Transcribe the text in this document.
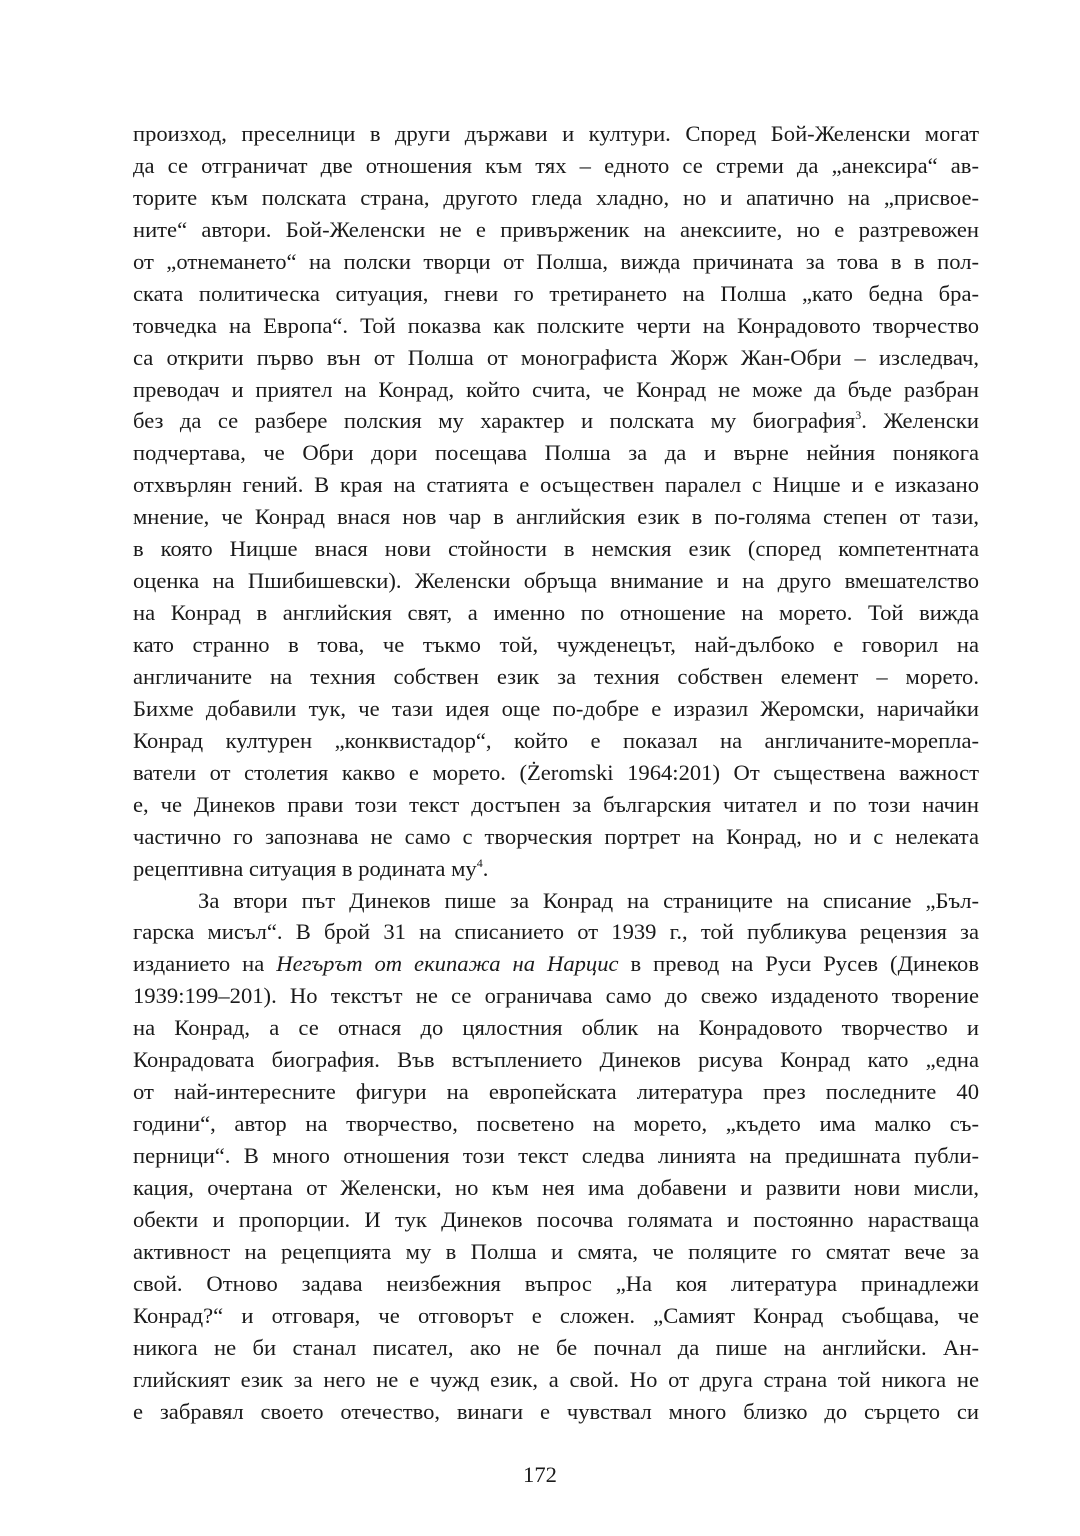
произход, преселници в други държави и култури. Според Бой-Желенски могат
да се отграничат две отношения към тях – едното се стреми да „анексира“ ав-
торите към полската страна, другото гледа хладно, но и апатично на „присвое-
ните“ автори. Бой-Желенски не е привърженик на анексиите, но е разтревожен
от „отнемането“ на полски творци от Полша, вижда причината за това в в пол-
ската политическа ситуация, гневи го третирането на Полша „като бедна бра-
товчедка на Европа“. Той показва как полските черти на Конрадовото творчество
са открити първо вън от Полша от монографиста Жорж Жан-Обри – изследвач,
преводач и приятел на Конрад, който счита, че Конрад не може да бъде разбран
без да се разбере полския му характер и полската му биография$^3$. Желенски
подчертава, че Обри дори посещава Полша за да и върне нейния понякога
отхвърлян гений. В края на статията е осъществен паралел с Ницше и е изказано
мнение, че Конрад внася нов чар в английския език в по-голяма степен от тази,
в която Ницше внася нови стойности в немския език (според компетентната
оценка на Пшибишевски). Желенски обръща внимание и на друго вмешателство
на Конрад в английския свят, а именно по отношение на морето. Той вижда
като странно в това, че тъкмо той, чужденецът, най-дълбоко е говорил на
англичаните на техния собствен език за техния собствен елемент – морето.
Бихме добавили тук, че тази идея още по-добре е изразил Жеромски, наричайки
Конрад културен „конквистадор“, който е показал на англичаните-морепла-
ватели от столетия какво е морето. (Żeromski 1964:201) От съществена важност
е, че Динеков прави този текст достъпен за българския читател и по този начин
частично го запознава не само с творческия портрет на Конрад, но и с нелеката
рецептивна ситуация в родината $му^4$.
За втори път Динеков пише за Конрад на страниците на списание „Бъл-
гарска мисъл“. В брой 31 на списанието от 1939 г., той публикува рецензия за
изданието на Негърът от екипажа на Нарцис в превод на Руси Русев (Динеков
1939:199–201). Но текстът не се ограничава само до свежо издаденото творение
на Конрад, а се отнася до цялостния облик на Конрадовото творчество и
Конрадовата биография. Във встъплението Динеков рисува Конрад като „една
от най-интересните фигури на европейската литература през последните 40
години“, автор на творчество, посветено на морето, „където има малко съ-
перници“. В много отношения този текст следва линията на предишната публи-
кация, очертана от Желенски, но към нея има добавени и развити нови мисли,
обекти и пропорции. И тук Динеков посочва голямата и постоянно нарастваща
активност на рецепцията му в Полша и смята, че поляците го смятат вече за
свой. Отново задава неизбежния въпрос „На коя литература принадлежи
Конрад?“ и отговаря, че отговорът е сложен. „Самият Конрад съобщава, че
никога не би станал писател, ако не бе почнал да пише на английски. Ан-
глийският език за него не е чужд език, а свой. Но от друга страна той никога не
е забравял своето отечество, винаги е чувствал много близко до сърцето си
172
